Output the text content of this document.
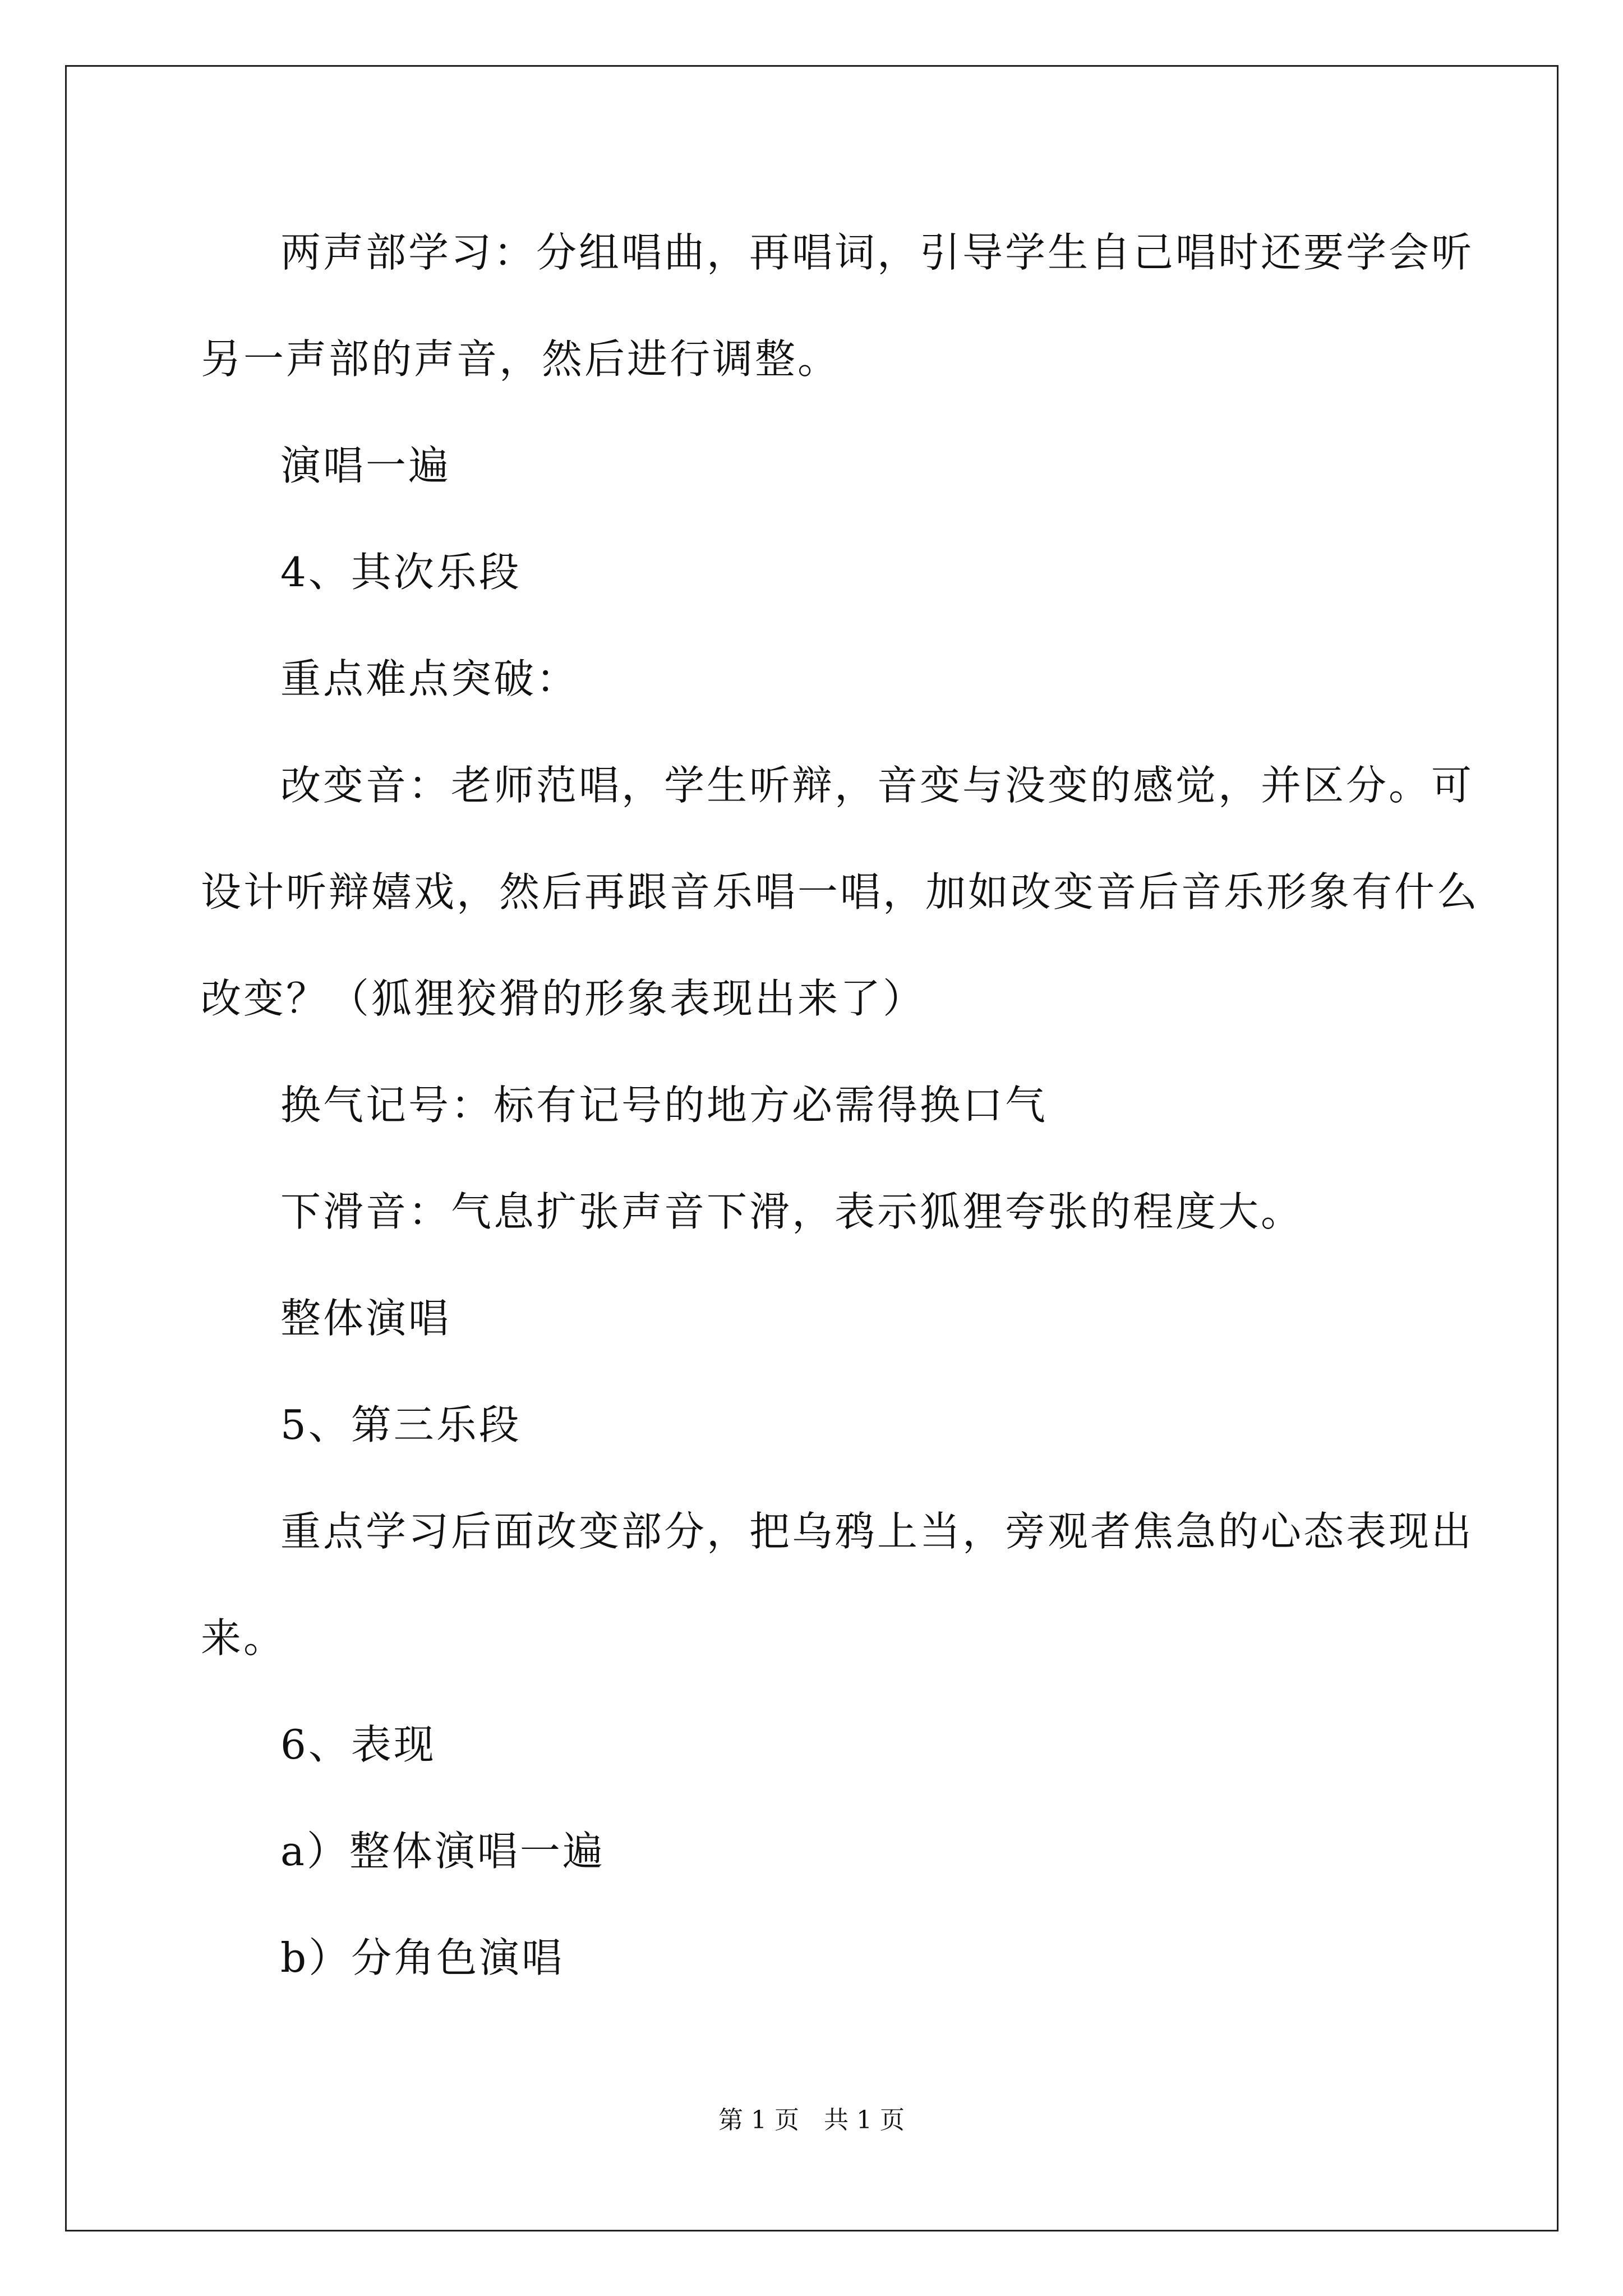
两声部学习：分组唱曲，再唱词，引导学生自己唱时还要学会听
另一声部的声音，然后进行调整。
演唱一遍
4、其次乐段
重点难点突破：
改变音：老师范唱，学生听辩，音变与没变的感觉，并区分。可
设计听辩嬉戏，然后再跟音乐唱一唱，加如改变音后音乐形象有什么
改变？（狐狸狡猾的形象表现出来了）
换气记号：标有记号的地方必需得换口气
下滑音：气息扩张声音下滑，表示狐狸夸张的程度大。
整体演唱
5、第三乐段
重点学习后面改变部分，把乌鸦上当，旁观者焦急的心态表现出
来。
6、表现
a）整体演唱一遍
b）分角色演唱
第 1 页　共 1 页
